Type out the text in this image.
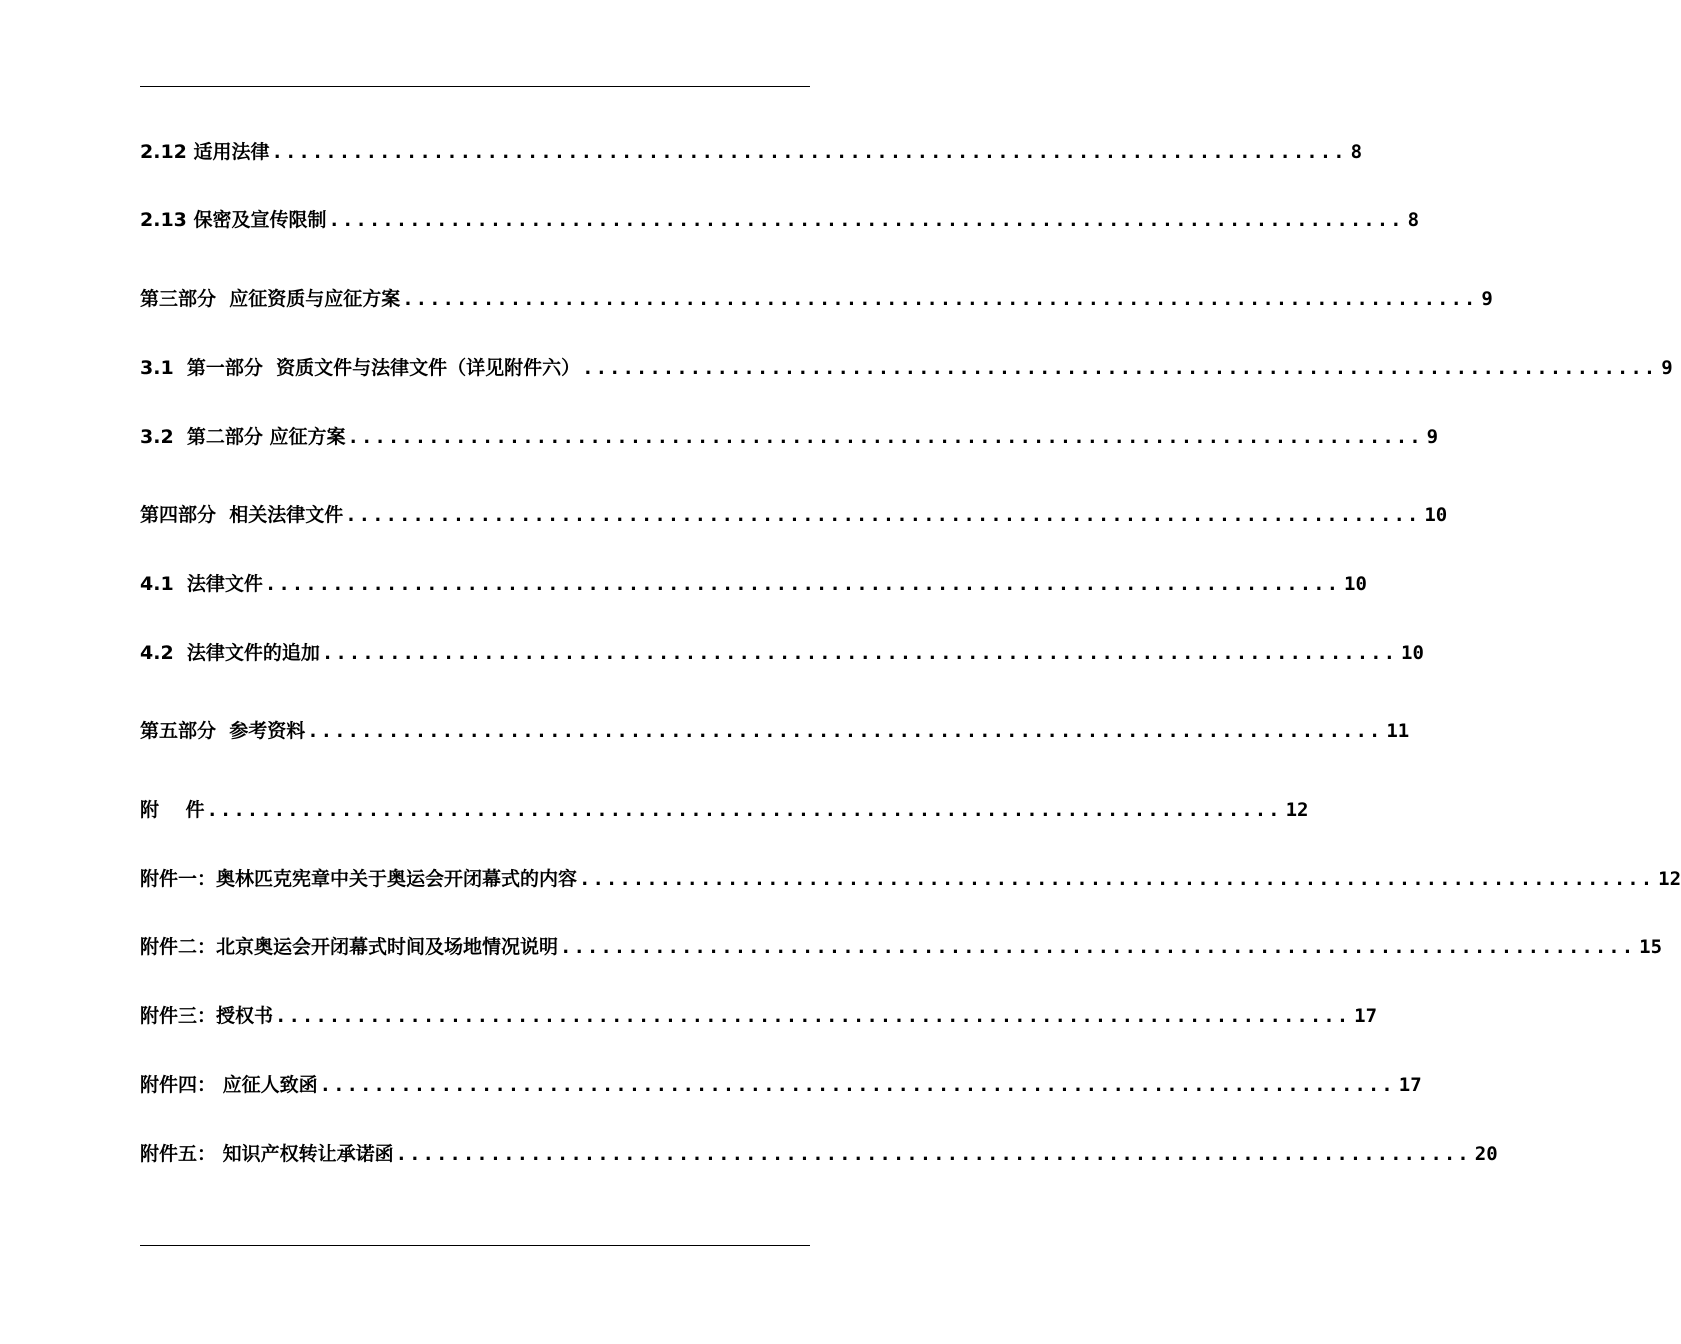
2.12 适用法律 ................................................................................ 8
2.13 保密及宣传限制 ................................................................................ 8
第三部分  应征资质与应征方案 ................................................................................ 9
3.1  第一部分  资质文件与法律文件（详见附件六） ................................................................................ 9
3.2  第二部分 应征方案 ................................................................................ 9
第四部分  相关法律文件 ................................................................................ 10
4.1  法律文件 ................................................................................ 10
4.2  法律文件的追加 ................................................................................ 10
第五部分  参考资料 ................................................................................ 11
附    件 ................................................................................ 12
附件一：奥林匹克宪章中关于奥运会开闭幕式的内容 ................................................................................ 12
附件二：北京奥运会开闭幕式时间及场地情况说明 ................................................................................ 15
附件三：授权书 ................................................................................ 17
附件四： 应征人致函 ................................................................................ 17
附件五： 知识产权转让承诺函 ................................................................................ 20
